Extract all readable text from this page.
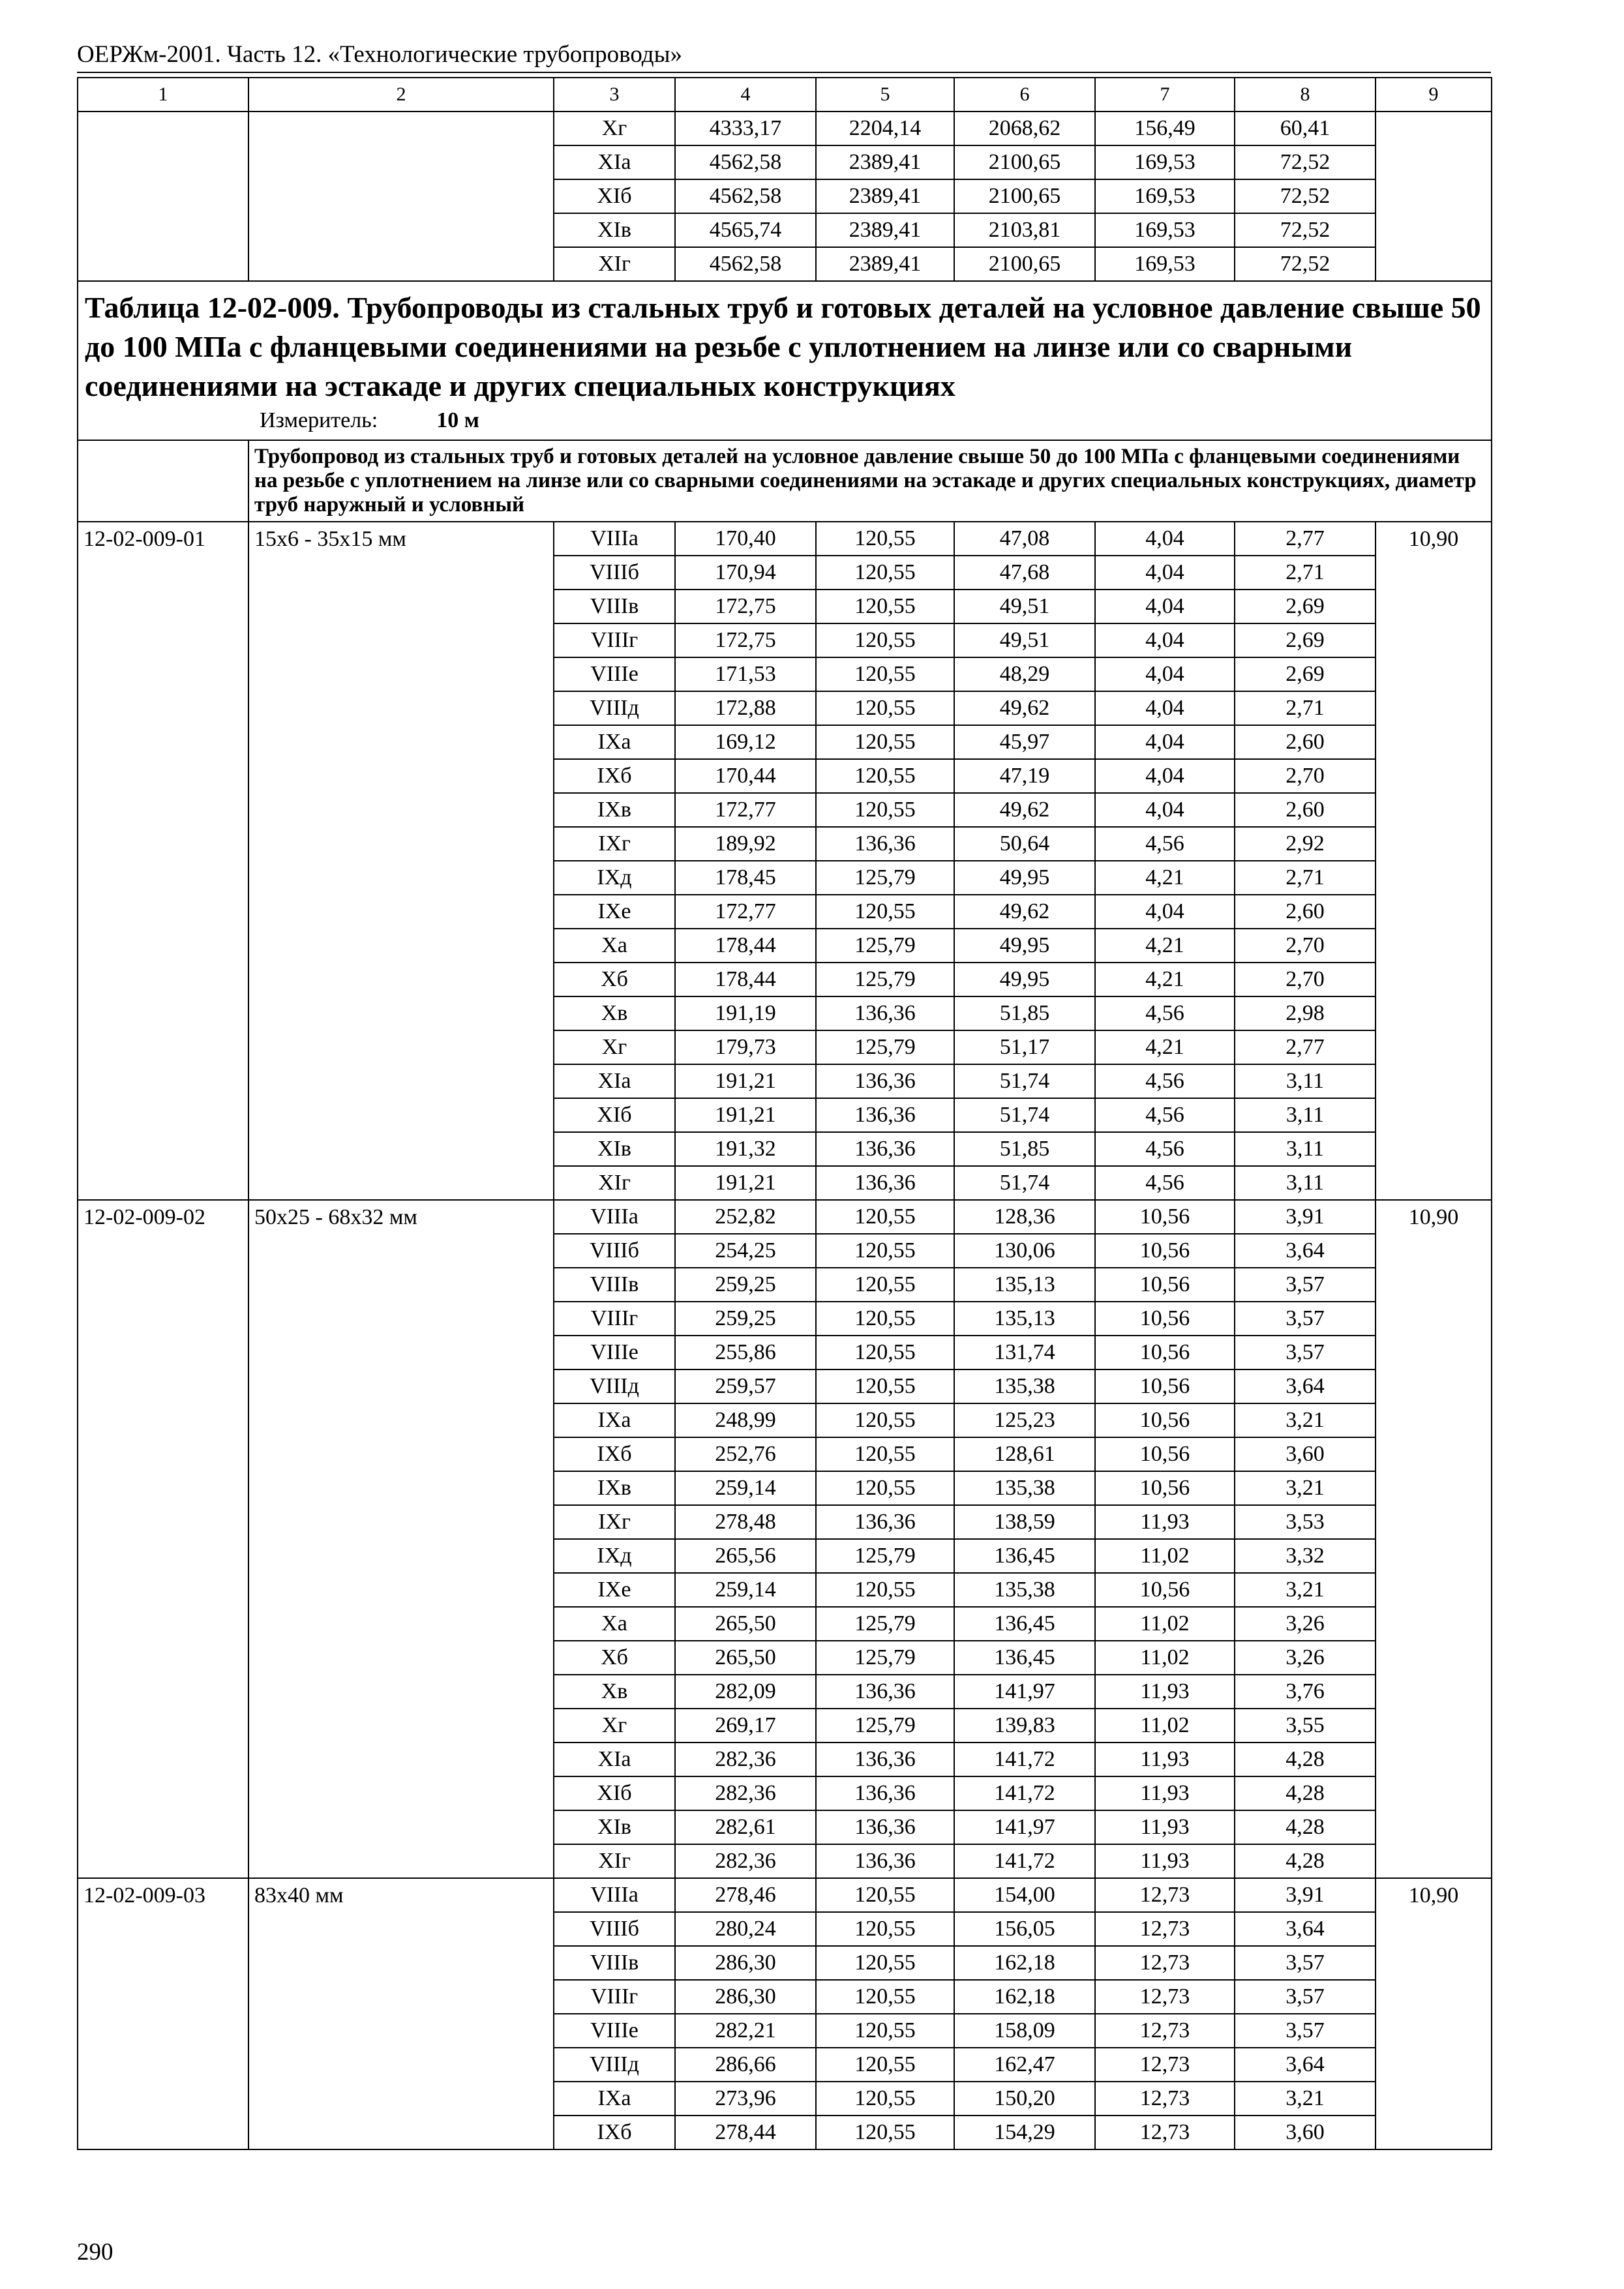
ОЕРЖм-2001. Часть 12. «Технологические трубопроводы»
1	2	3	4	5	6	7	8	9
		Xг	4333,17	2204,14	2068,62	156,49	60,41	
		XIа	4562,58	2389,41	2100,65	169,53	72,52	
		XIб	4562,58	2389,41	2100,65	169,53	72,52	
		XIв	4565,74	2389,41	2103,81	169,53	72,52	
		XIг	4562,58	2389,41	2100,65	169,53	72,52	

Таблица 12-02-009. Трубопроводы из стальных труб и готовых деталей на условное давление свыше 50 до 100 МПа с фланцевыми соединениями на резьбе с уплотнением на линзе или со сварными соединениями на эстакаде и других специальных конструкциях
Измеритель: 10 м								

	Трубопровод из стальных труб и готовых деталей на условное давление свыше 50 до 100 МПа с фланцевыми соединениями на резьбе с уплотнением на линзе или со сварными соединениями на эстакаде и других специальных конструкциях, диаметр труб наружный и условный							
12-02-009-01	15х6 - 35х15 мм	VIIIа	170,40	120,55	47,08	4,04	2,77	10,90
		VIIIб	170,94	120,55	47,68	4,04	2,71	
		VIIIв	172,75	120,55	49,51	4,04	2,69	
		VIIIг	172,75	120,55	49,51	4,04	2,69	
		VIIIе	171,53	120,55	48,29	4,04	2,69	
		VIIIд	172,88	120,55	49,62	4,04	2,71	
		IXа	169,12	120,55	45,97	4,04	2,60	
		IXб	170,44	120,55	47,19	4,04	2,70	
		IXв	172,77	120,55	49,62	4,04	2,60	
		IXг	189,92	136,36	50,64	4,56	2,92	
		IXд	178,45	125,79	49,95	4,21	2,71	
		IXе	172,77	120,55	49,62	4,04	2,60	
		Xа	178,44	125,79	49,95	4,21	2,70	
		Xб	178,44	125,79	49,95	4,21	2,70	
		Xв	191,19	136,36	51,85	4,56	2,98	
		Xг	179,73	125,79	51,17	4,21	2,77	
		XIа	191,21	136,36	51,74	4,56	3,11	
		XIб	191,21	136,36	51,74	4,56	3,11	
		XIв	191,32	136,36	51,85	4,56	3,11	
		XIг	191,21	136,36	51,74	4,56	3,11	
12-02-009-02	50х25 - 68х32 мм	VIIIа	252,82	120,55	128,36	10,56	3,91	10,90
		VIIIб	254,25	120,55	130,06	10,56	3,64	
		VIIIв	259,25	120,55	135,13	10,56	3,57	
		VIIIг	259,25	120,55	135,13	10,56	3,57	
		VIIIе	255,86	120,55	131,74	10,56	3,57	
		VIIIд	259,57	120,55	135,38	10,56	3,64	
		IXа	248,99	120,55	125,23	10,56	3,21	
		IXб	252,76	120,55	128,61	10,56	3,60	
		IXв	259,14	120,55	135,38	10,56	3,21	
		IXг	278,48	136,36	138,59	11,93	3,53	
		IXд	265,56	125,79	136,45	11,02	3,32	
		IXе	259,14	120,55	135,38	10,56	3,21	
		Xа	265,50	125,79	136,45	11,02	3,26	
		Xб	265,50	125,79	136,45	11,02	3,26	
		Xв	282,09	136,36	141,97	11,93	3,76	
		Xг	269,17	125,79	139,83	11,02	3,55	
		XIа	282,36	136,36	141,72	11,93	4,28	
		XIб	282,36	136,36	141,72	11,93	4,28	
		XIв	282,61	136,36	141,97	11,93	4,28	
		XIг	282,36	136,36	141,72	11,93	4,28	
12-02-009-03	83х40 мм	VIIIа	278,46	120,55	154,00	12,73	3,91	10,90
		VIIIб	280,24	120,55	156,05	12,73	3,64	
		VIIIв	286,30	120,55	162,18	12,73	3,57	
		VIIIг	286,30	120,55	162,18	12,73	3,57	
		VIIIе	282,21	120,55	158,09	12,73	3,57	
		VIIIд	286,66	120,55	162,47	12,73	3,64	
		IXа	273,96	120,55	150,20	12,73	3,21	
		IXб	278,44	120,55	154,29	12,73	3,60	
290
